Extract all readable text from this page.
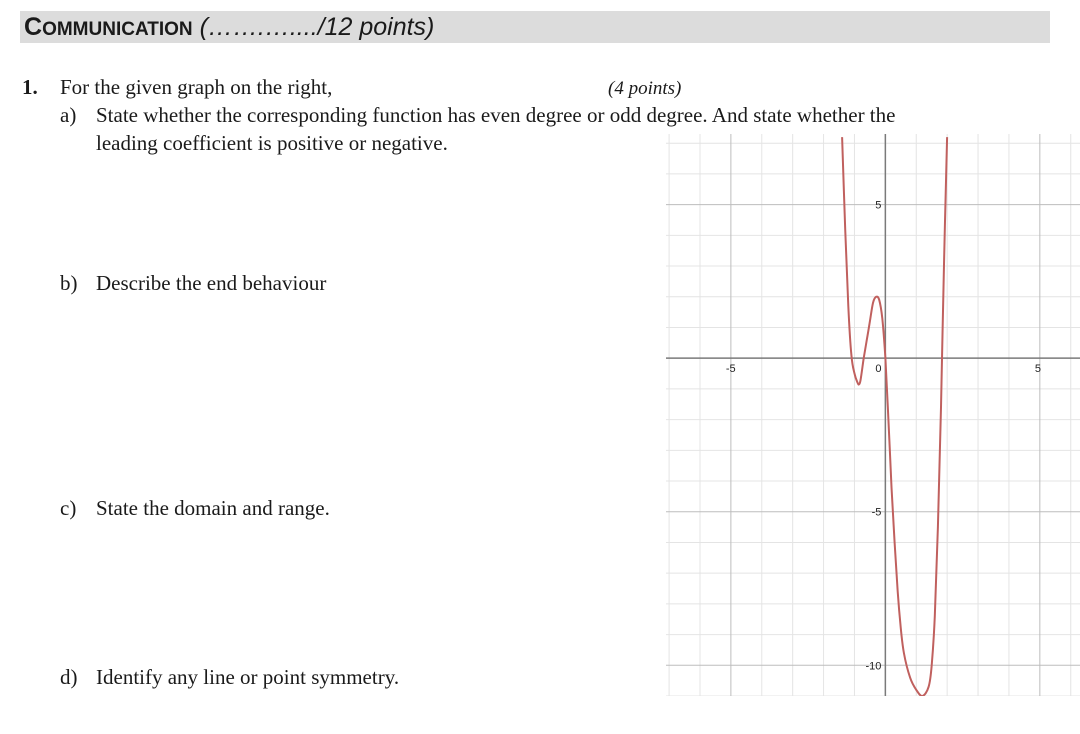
COMMUNICATION (…….…..../12 points)
1. For the given graph on the right,	(4 points)
a) State whether the corresponding function has even degree or odd degree. And state whether the
leading coefficient is positive or negative.
b) Describe the end behaviour
c) State the domain and range.
d) Identify any line or point symmetry.
-5	0	5
5
-5
-10
